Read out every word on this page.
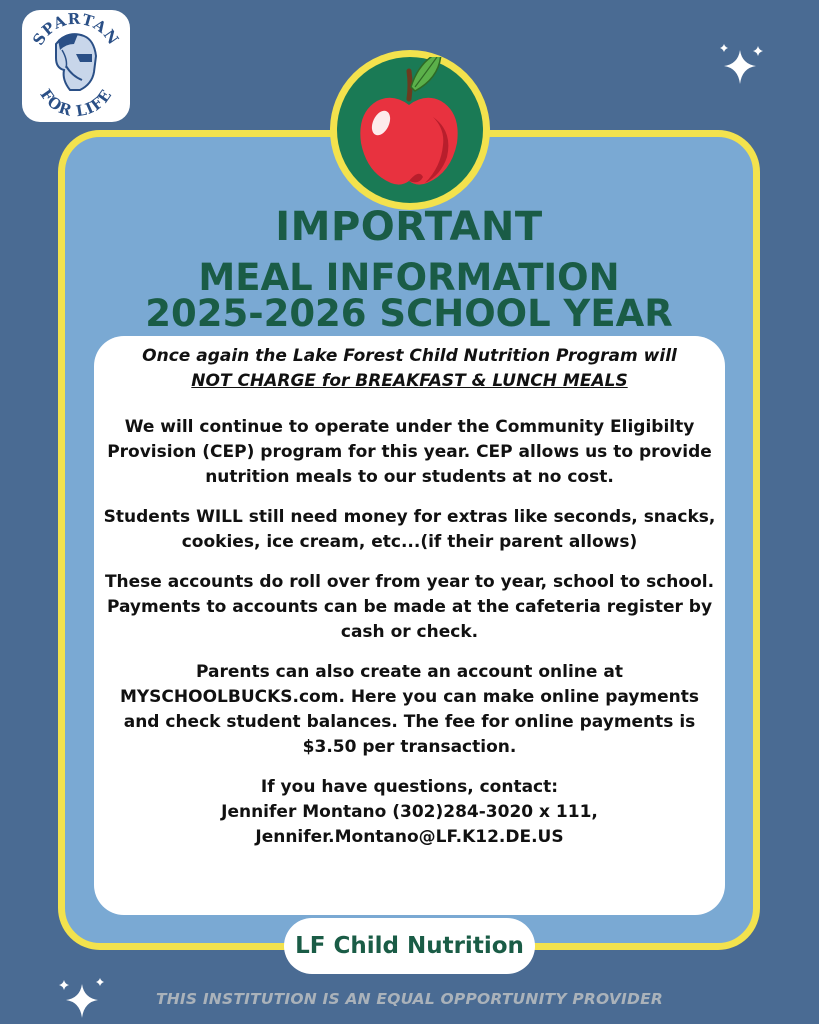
SPARTAN
FOR LIFE
IMPORTANT
MEAL INFORMATION
2025-2026 SCHOOL YEAR

Once again the Lake Forest Child Nutrition Program will
NOT CHARGE for BREAKFAST & LUNCH MEALS

We will continue to operate under the Community Eligibilty Provision (CEP) program for this year. CEP allows us to provide nutrition meals to our students at no cost.

Students WILL still need money for extras like seconds, snacks, cookies, ice cream, etc...(if their parent allows)

These accounts do roll over from year to year, school to school. Payments to accounts can be made at the cafeteria register by cash or check.

Parents can also create an account online at MYSCHOOLBUCKS.com. Here you can make online payments and check student balances. The fee for online payments is $3.50 per transaction.

If you have questions, contact:

Jennifer Montano (302)284-3020 x 111,

Jennifer.Montano@LF.K12.DE.US

LF Child Nutrition
THIS INSTITUTION IS AN EQUAL OPPORTUNITY PROVIDER
